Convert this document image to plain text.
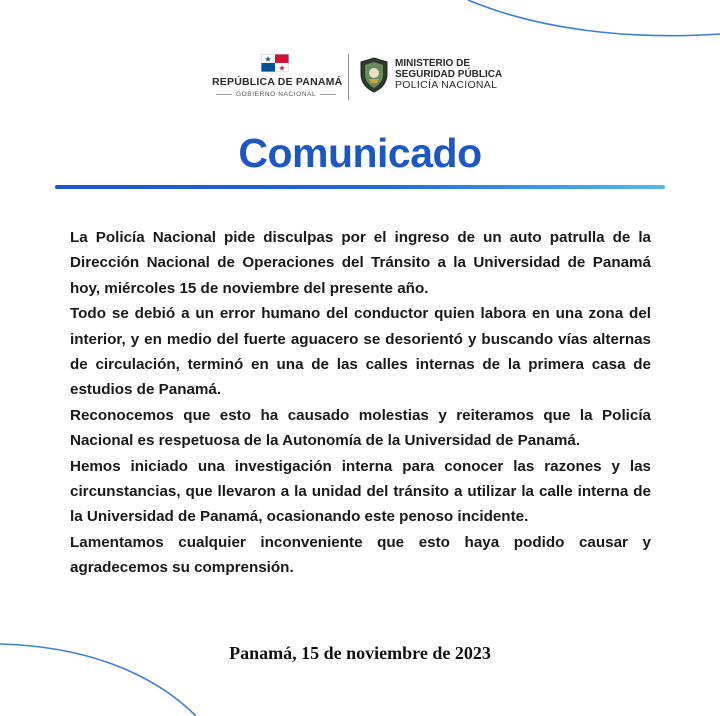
REPÚBLICA DE PANAMÁ
GOBIERNO NACIONAL
MINISTERIO DE
SEGURIDAD PÚBLICA
POLICÍA NACIONAL
Comunicado

La Policía Nacional pide disculpas por el ingreso de un auto patrulla de la Dirección Nacional de Operaciones del Tránsito a la Universidad de Panamá hoy, miércoles 15 de noviembre del presente año.

Todo se debió a un error humano del conductor quien labora en una zona del interior, y en medio del fuerte aguacero se desorientó y buscando vías alternas de circulación, terminó en una de las calles internas de la primera casa de estudios de Panamá.

Reconocemos que esto ha causado molestias y reiteramos que la Policía Nacional es respetuosa de la Autonomía de la Universidad de Panamá.

Hemos iniciado una investigación interna para conocer las razones y las circunstancias, que llevaron a la unidad del tránsito a utilizar la calle interna de la Universidad de Panamá, ocasionando este penoso incidente.

Lamentamos cualquier inconveniente que esto haya podido causar y agradecemos su comprensión.

Panamá, 15 de noviembre de 2023
